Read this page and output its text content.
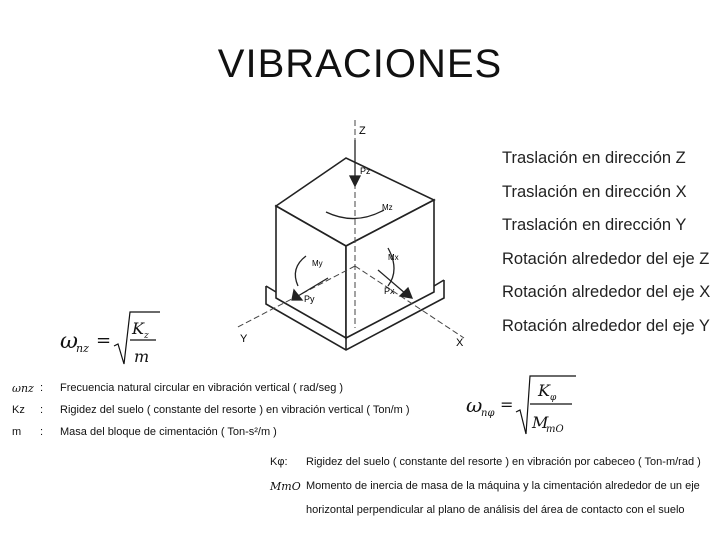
VIBRACIONES
Z
X
Y
Pz
Mz
Mx
Px
Py
My
Traslación en dirección Z
Traslación en dirección X
Traslación en dirección Y
Rotación alrededor del eje Z
Rotación alrededor del eje X
Rotación alrededor del eje Y
ω
nz =
K z
m
ω
nφ =
K φ
M
mO
ωnz : Frecuencia natural circular en vibración vertical ( rad/seg )
Kz : Rigidez del suelo ( constante del resorte ) en vibración vertical ( Ton/m )
m : Masa del bloque de cimentación ( Ton-s²/m )
Kφ: Rigidez del suelo ( constante del resorte ) en vibración por cabeceo ( Ton-m/rad )
MmO Momento de inercia de masa de la máquina y la cimentación alrededor de un eje
horizontal perpendicular al plano de análisis del área de contacto con el suelo
